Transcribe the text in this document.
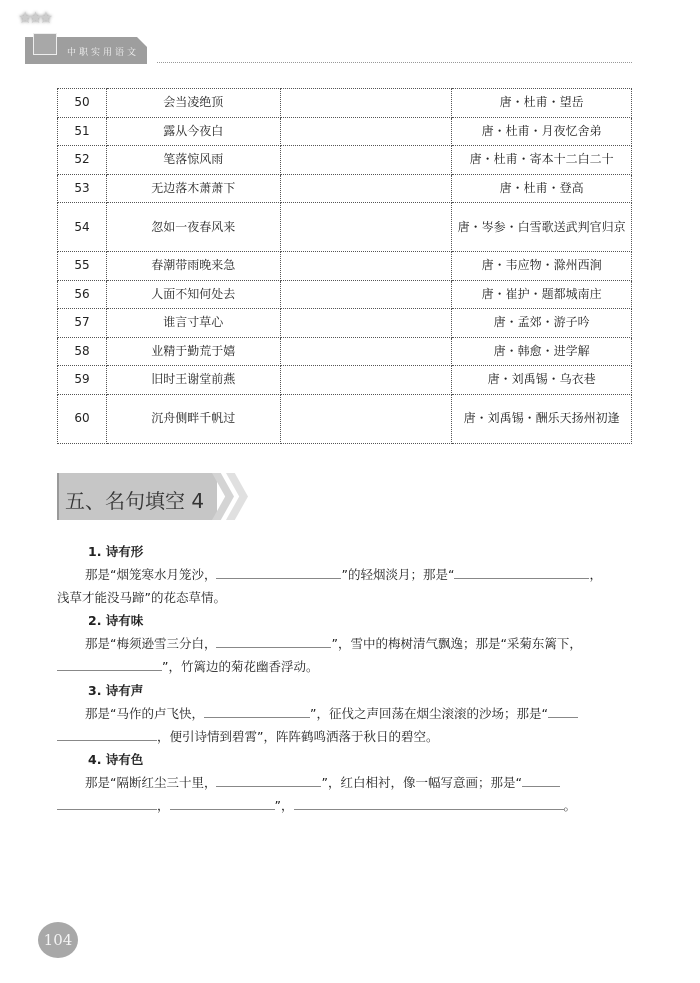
★★★
中职实用语文
50	会当凌绝顶		唐・杜甫・望岳
51	露从今夜白		唐・杜甫・月夜忆舍弟
52	笔落惊风雨		唐・杜甫・寄本十二白二十
53	无边落木萧萧下		唐・杜甫・登高
54	忽如一夜春风来		唐・岑参・白雪歌送武判官归京
55	春潮带雨晚来急		唐・韦应物・滁州西涧
56	人面不知何处去		唐・崔护・题都城南庄
57	谁言寸草心		唐・孟郊・游子吟
58	业精于勤荒于嬉		唐・韩愈・进学解
59	旧时王谢堂前燕		唐・刘禹锡・乌衣巷
60	沉舟侧畔千帆过		唐・刘禹锡・酬乐天扬州初逢
五、名句填空 4
1. 诗有形
那是“烟笼寒水月笼沙，	”的轻烟淡月；那是“	，
浅草才能没马蹄”的花态草情。
2. 诗有味
那是“梅须逊雪三分白，	”，雪中的梅树清气飘逸；那是“采菊东篱下，
”，竹篱边的菊花幽香浮动。
3. 诗有声
那是“马作的卢飞快，	”，征伐之声回荡在烟尘滚滚的沙场；那是“
，便引诗情到碧霄”，阵阵鹤鸣洒落于秋日的碧空。
4. 诗有色
那是“隔断红尘三十里，	”，红白相衬，像一幅写意画；那是“
，	”，	。
104
